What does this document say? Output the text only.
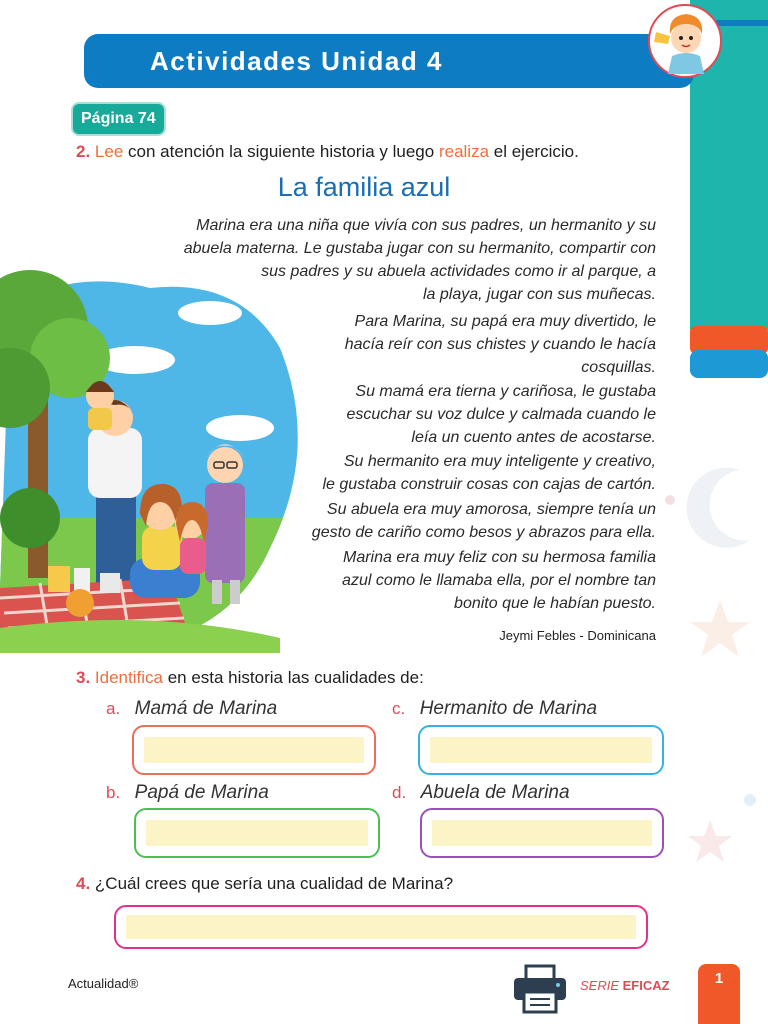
Actividades Unidad 4
Página 74
2. Lee con atención la siguiente historia y luego realiza el ejercicio.
La familia azul
Marina era una niña que vivía con sus padres, un hermanito y su
abuela materna. Le gustaba jugar con su hermanito, compartir con
sus padres y su abuela actividades como ir al parque, a
la playa, jugar con sus muñecas.
Para Marina, su papá era muy divertido, le
hacía reír con sus chistes y cuando le hacía
cosquillas.
Su mamá era tierna y cariñosa, le gustaba
escuchar su voz dulce y calmada cuando le
leía un cuento antes de acostarse.
Su hermanito era muy inteligente y creativo,
le gustaba construir cosas con cajas de cartón.
Su abuela era muy amorosa, siempre tenía un
gesto de cariño como besos y abrazos para ella.
Marina era muy feliz con su hermosa familia
azul como le llamaba ella, por el nombre tan
bonito que le habían puesto.
Jeymi Febles - Dominicana
3. Identifica en esta historia las cualidades de:
a. Mamá de Marina	c. Hermanito de Marina
b. Papá de Marina	d. Abuela de Marina
4. ¿Cuál crees que sería una cualidad de Marina?
Actualidad®	SERIE EFICAZ	1
